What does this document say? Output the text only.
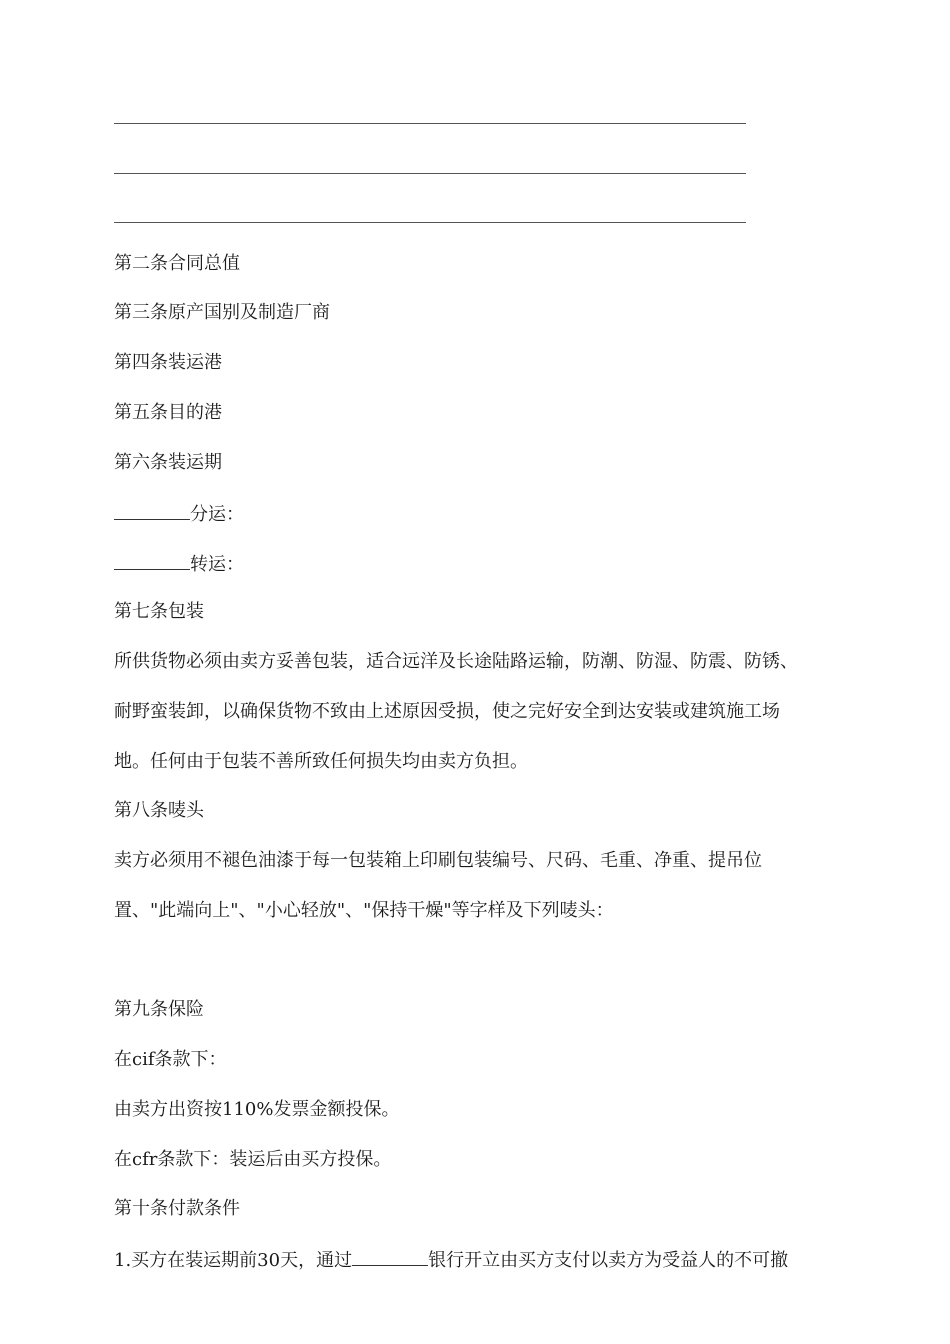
第二条合同总值
第三条原产国别及制造厂商
第四条装运港
第五条目的港
第六条装运期
分运：
转运：
第七条包装
所供货物必须由卖方妥善包装，适合远洋及长途陆路运输，防潮、防湿、防震、防锈、
耐野蛮装卸，以确保货物不致由上述原因受损，使之完好安全到达安装或建筑施工场
地。任何由于包装不善所致任何损失均由卖方负担。
第八条唛头
卖方必须用不褪色油漆于每一包装箱上印刷包装编号、尺码、毛重、净重、提吊位
置、"此端向上"、"小心轻放"、"保持干燥"等字样及下列唛头：
第九条保险
在cif条款下：
由卖方出资按110%发票金额投保。
在cfr条款下：装运后由买方投保。
第十条付款条件
1.买方在装运期前30天，通过	银行开立由买方支付以卖方为受益人的不可撤
